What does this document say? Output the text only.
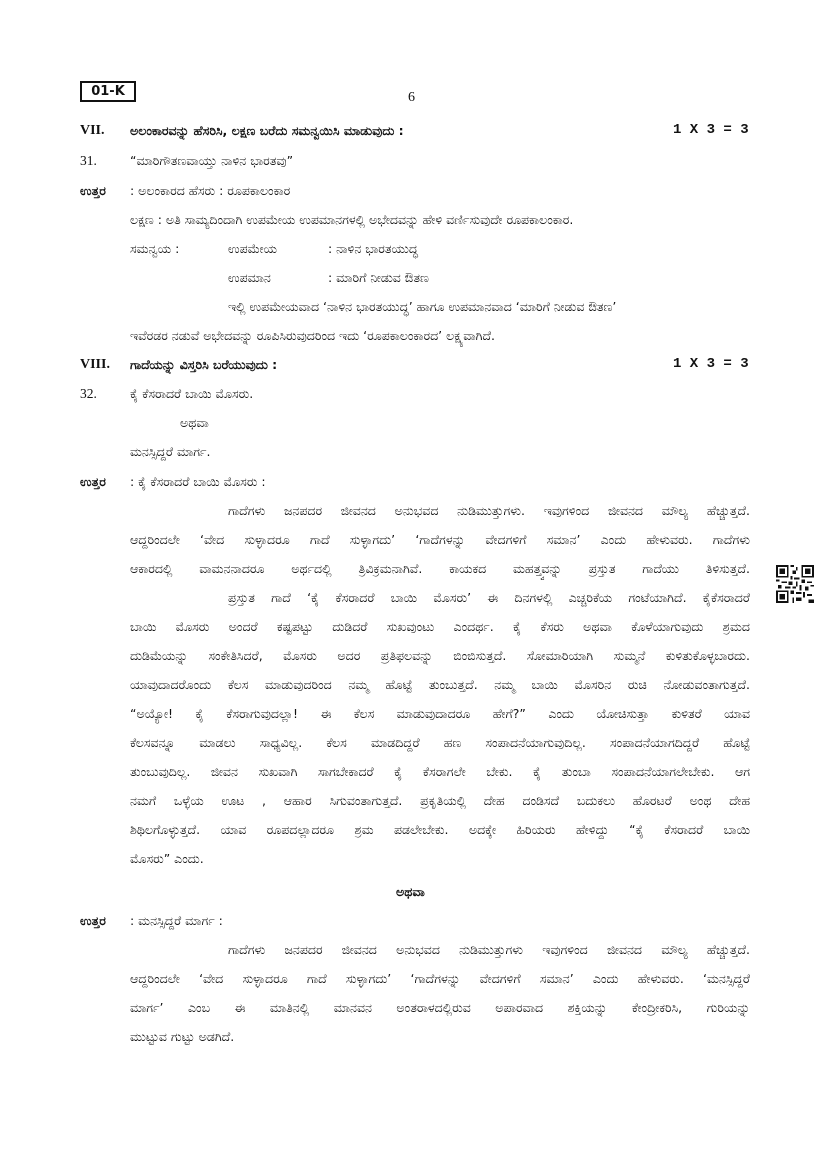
01-K	6
VII. ಅಲಂಕಾರವನ್ನು ಹೆಸರಿಸಿ, ಲಕ್ಷಣ ಬರೆದು ಸಮನ್ವಯಿಸಿ ಮಾಡುವುದು :	1 X 3 = 3
31.	“ಮಾರಿಗೌತಣವಾಯ್ತು ನಾಳಿನ ಭಾರತವು”
ಉತ್ತರ : ಅಲಂಕಾರದ ಹೆಸರು : ರೂಪಕಾಲಂಕಾರ
ಲಕ್ಷಣ : ಅತಿ ಸಾಮ್ಯದಿಂದಾಗಿ ಉಪಮೇಯ ಉಪಮಾನಗಳಲ್ಲಿ ಅಭೇದವನ್ನು ಹೇಳಿ ವರ್ಣಿಸುವುದೇ ರೂಪಕಾಲಂಕಾರ.
ಸಮನ್ವಯ :	ಉಪಮೇಯ	: ನಾಳಿನ ಭಾರತಯುದ್ಧ
ಉಪಮಾನ	: ಮಾರಿಗೆ ನೀಡುವ ಔತಣ
ಇಲ್ಲಿ ಉಪಮೇಯವಾದ ‘ನಾಳಿನ ಭಾರತಯುದ್ಧ’ ಹಾಗೂ ಉಪಮಾನವಾದ ‘ಮಾರಿಗೆ ನೀಡುವ ಔತಣ’
ಇವೆರಡರ ನಡುವೆ ಅಭೇದವನ್ನು ರೂಪಿಸಿರುವುದರಿಂದ ಇದು ‘ರೂಪಕಾಲಂಕಾರದ’ ಲಕ್ಷ್ಯವಾಗಿದೆ.
VIII. ಗಾದೆಯನ್ನು ವಿಸ್ತರಿಸಿ ಬರೆಯುವುದು :	1 X 3 = 3
32.	ಕೈ ಕೆಸರಾದರೆ ಬಾಯಿ ಮೊಸರು.
ಅಥವಾ
ಮನಸ್ಸಿದ್ದರೆ ಮಾರ್ಗ.
ಉತ್ತರ : ಕೈ ಕೆಸರಾದರೆ ಬಾಯಿ ಮೊಸರು :
ಗಾದೆಗಳು ಜನಪದರ ಜೀವನದ ಅನುಭವದ ನುಡಿಮುತ್ತುಗಳು. ಇವುಗಳಿಂದ ಜೀವನದ ಮೌಲ್ಯ ಹೆಚ್ಚುತ್ತದೆ.
ಆದ್ದರಿಂದಲೇ ‘ವೇದ ಸುಳ್ಳಾದರೂ ಗಾದೆ ಸುಳ್ಳಾಗದು’ ‘ಗಾದೆಗಳನ್ನು ವೇದಗಳಿಗೆ ಸಮಾನ’ ಎಂದು ಹೇಳುವರು. ಗಾದೆಗಳು
ಆಕಾರದಲ್ಲಿ ವಾಮನನಾದರೂ ಅರ್ಥದಲ್ಲಿ ತ್ರಿವಿಕ್ರಮನಾಗಿವೆ. ಕಾಯಕದ ಮಹತ್ತ್ವವನ್ನು ಪ್ರಸ್ತುತ ಗಾದೆಯು ತಿಳಿಸುತ್ತದೆ.
ಪ್ರಸ್ತುತ ಗಾದೆ ‘ಕೈ ಕೆಸರಾದರೆ ಬಾಯಿ ಮೊಸರು’ ಈ ದಿನಗಳಲ್ಲಿ ಎಚ್ಚರಿಕೆಯ ಗಂಟೆಯಾಗಿದೆ. ಕೈಕೆಸರಾದರೆ
ಬಾಯಿ ಮೊಸರು ಅಂದರೆ ಕಷ್ಟಪಟ್ಟು ದುಡಿದರೆ ಸುಖವುಂಟು ಎಂದರ್ಥ. ಕೈ ಕೆಸರು ಅಥವಾ ಕೊಳೆಯಾಗುವುದು ಶ್ರಮದ
ದುಡಿಮೆಯನ್ನು ಸಂಕೇತಿಸಿದರೆ, ಮೊಸರು ಅದರ ಪ್ರತಿಫಲವನ್ನು ಬಿಂಬಿಸುತ್ತದೆ. ಸೋಮಾರಿಯಾಗಿ ಸುಮ್ಮನೆ ಕುಳಿತುಕೊಳ್ಳಬಾರದು.
ಯಾವುದಾದರೊಂದು ಕೆಲಸ ಮಾಡುವುದರಿಂದ ನಮ್ಮ ಹೊಟ್ಟೆ ತುಂಬುತ್ತದೆ. ನಮ್ಮ ಬಾಯಿ ಮೊಸರಿನ ರುಚಿ ನೋಡುವಂತಾಗುತ್ತದೆ.
“ಅಯ್ಯೋ! ಕೈ ಕೆಸರಾಗುವುದಲ್ಲಾ! ಈ ಕೆಲಸ ಮಾಡುವುದಾದರೂ ಹೇಗೆ?” ಎಂದು ಯೋಚಿಸುತ್ತಾ ಕುಳಿತರೆ ಯಾವ
ಕೆಲಸವನ್ನೂ ಮಾಡಲು ಸಾಧ್ಯವಿಲ್ಲ. ಕೆಲಸ ಮಾಡದಿದ್ದರೆ ಹಣ ಸಂಪಾದನೆಯಾಗುವುದಿಲ್ಲ. ಸಂಪಾದನೆಯಾಗದಿದ್ದರೆ ಹೊಟ್ಟೆ
ತುಂಬುವುದಿಲ್ಲ. ಜೀವನ ಸುಖವಾಗಿ ಸಾಗಬೇಕಾದರೆ ಕೈ ಕೆಸರಾಗಲೇ ಬೇಕು. ಕೈ ತುಂಬಾ ಸಂಪಾದನೆಯಾಗಲೇಬೇಕು. ಆಗ
ನಮಗೆ ಒಳ್ಳೆಯ ಊಟ , ಆಹಾರ ಸಿಗುವಂತಾಗುತ್ತದೆ. ಪ್ರಕೃತಿಯಲ್ಲಿ ದೇಹ ದಂಡಿಸದೆ ಬದುಕಲು ಹೊರಟರೆ ಅಂಥ ದೇಹ
ಶಿಥಿಲಗೊಳ್ಳುತ್ತದೆ. ಯಾವ ರೂಪದಲ್ಲಾದರೂ ಶ್ರಮ ಪಡಲೇಬೇಕು. ಅದಕ್ಕೇ ಹಿರಿಯರು ಹೇಳಿದ್ದು “ಕೈ ಕೆಸರಾದರೆ ಬಾಯಿ
ಮೊಸರು” ಎಂದು.
ಅಥವಾ
ಉತ್ತರ : ಮನಸ್ಸಿದ್ದರೆ ಮಾರ್ಗ :
ಗಾದೆಗಳು ಜನಪದರ ಜೀವನದ ಅನುಭವದ ನುಡಿಮುತ್ತುಗಳು ಇವುಗಳಿಂದ ಜೀವನದ ಮೌಲ್ಯ ಹೆಚ್ಚುತ್ತದೆ.
ಆದ್ದರಿಂದಲೇ ‘ವೇದ ಸುಳ್ಳಾದರೂ ಗಾದೆ ಸುಳ್ಳಾಗದು’ ‘ಗಾದೆಗಳನ್ನು ವೇದಗಳಿಗೆ ಸಮಾನ’ ಎಂದು ಹೇಳುವರು. ‘ಮನಸ್ಸಿದ್ದರೆ
ಮಾರ್ಗ’ ಎಂಬ ಈ ಮಾತಿನಲ್ಲಿ ಮಾನವನ ಅಂತರಾಳದಲ್ಲಿರುವ ಅಪಾರವಾದ ಶಕ್ತಿಯನ್ನು ಕೇಂದ್ರೀಕರಿಸಿ, ಗುರಿಯನ್ನು
ಮುಟ್ಟುವ ಗುಟ್ಟು ಅಡಗಿದೆ.
